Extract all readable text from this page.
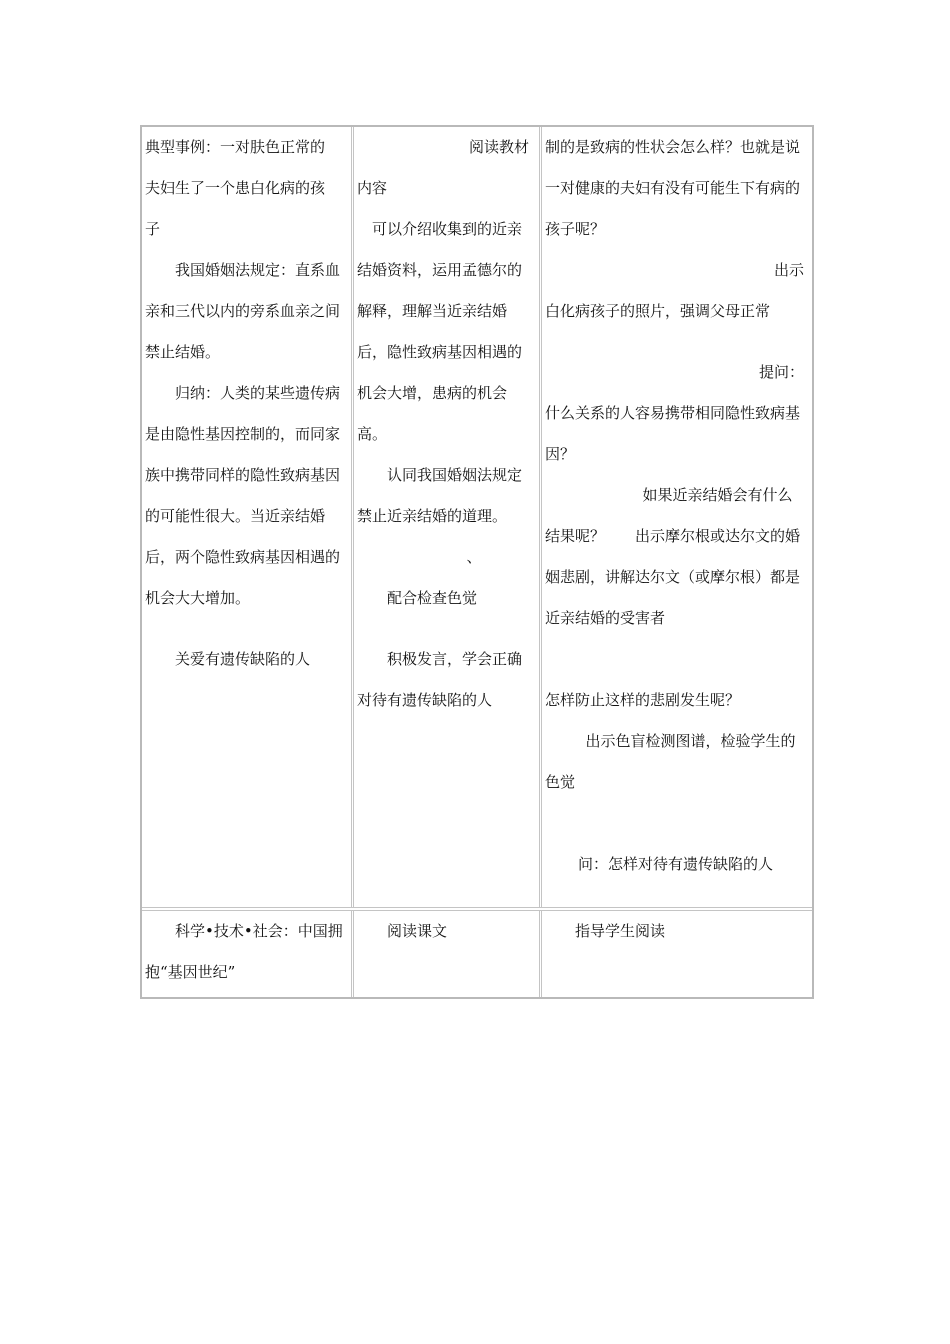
典型事例：一对肤色正常的

夫妇生了一个患白化病的孩

子

我国婚姻法规定：直系血亲和三代以内的旁系血亲之间禁止结婚。

归纳：人类的某些遗传病是由隐性基因控制的，而同家族中携带同样的隐性致病基因的可能性很大。当近亲结婚后，两个隐性致病基因相遇的机会大大增加。

关爱有遗传缺陷的人

阅读教材

内容

可以介绍收集到的近亲结婚资料，运用孟德尔的解释，理解当近亲结婚后，隐性致病基因相遇的机会大增，患病的机会高。

认同我国婚姻法规定禁止近亲结婚的道理。

、

配合检查色觉

积极发言，学会正确对待有遗传缺陷的人

制的是致病的性状会怎么样？也就是说一对健康的夫妇有没有可能生下有病的孩子呢？

出示

白化病孩子的照片，强调父母正常

提问：

什么关系的人容易携带相同隐性致病基因？

如果近亲结婚会有什么结果呢？　　出示摩尔根或达尔文的婚姻悲剧，讲解达尔文（或摩尔根）都是近亲结婚的受害者

怎样防止这样的悲剧发生呢？

出示色盲检测图谱，检验学生的色觉

问：怎样对待有遗传缺陷的人

科学•技术•社会：中国拥抱“基因世纪”

阅读课文	指导学生阅读
